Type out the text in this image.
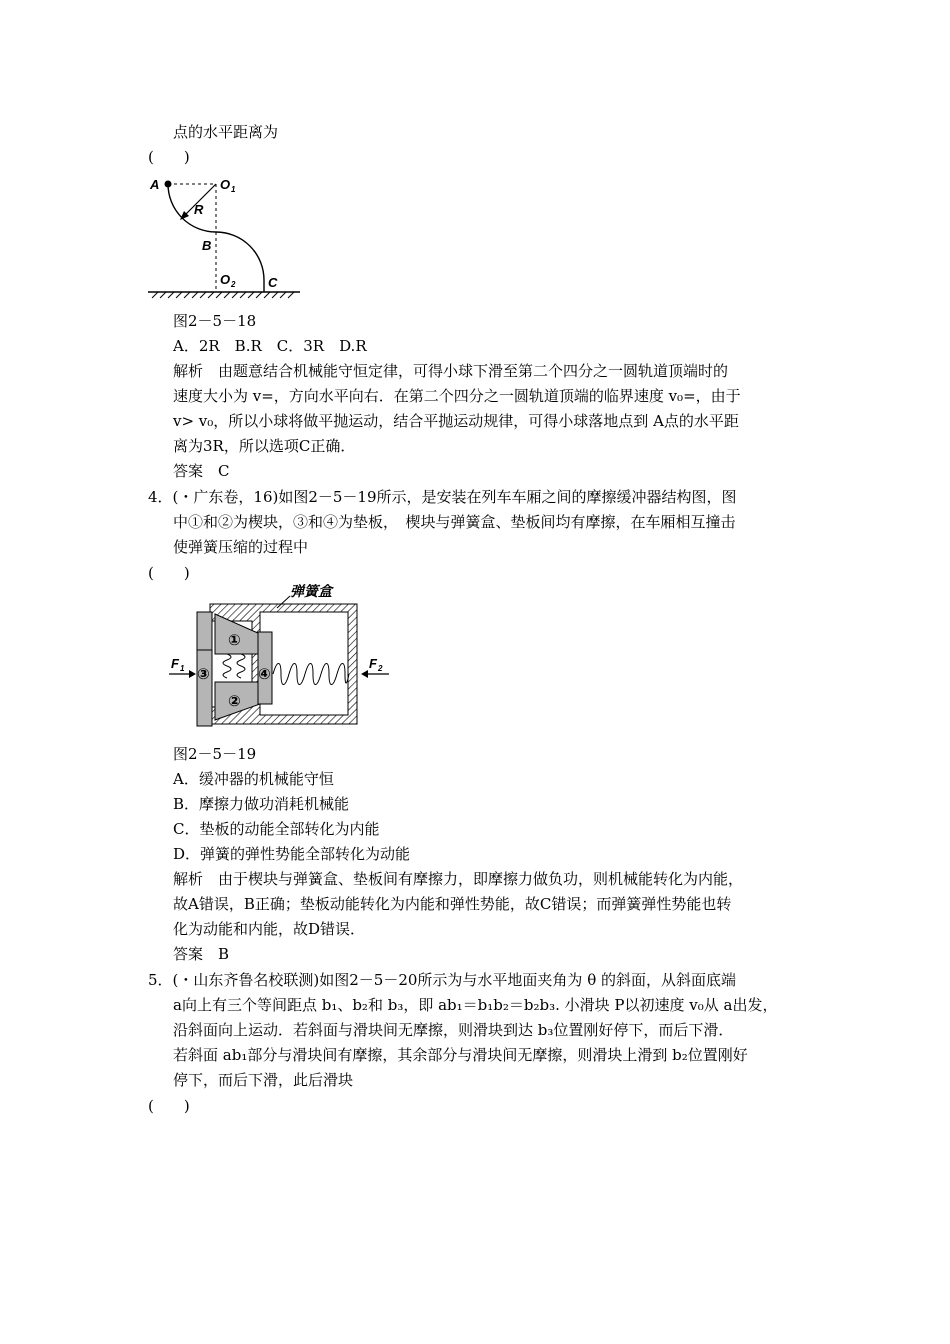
点的水平距离为
(　　)
A	O 1
R
B
O 2	C
图2－5－18
A．2R　B.R　C．3R　D.R
解析　由题意结合机械能守恒定律，可得小球下滑至第二个四分之一圆轨道顶端时的
速度大小为 v=，方向水平向右．在第二个四分之一圆轨道顶端的临界速度 v₀=，由于
v> v₀，所以小球将做平抛运动，结合平抛运动规律，可得小球落地点到 A点的水平距
离为3R，所以选项C正确．
答案　C
4．(・广东卷，16)如图2－5－19所示，是安装在列车车厢之间的摩擦缓冲器结构图，图
中①和②为楔块，③和④为垫板，　楔块与弹簧盒、垫板间均有摩擦，在车厢相互撞击
使弹簧压缩的过程中
(　　)
①
②
③	④
F 1	F 2
弹簧盒
图2－5－19
A．缓冲器的机械能守恒
B．摩擦力做功消耗机械能
C．垫板的动能全部转化为内能
D．弹簧的弹性势能全部转化为动能
解析　由于楔块与弹簧盒、垫板间有摩擦力，即摩擦力做负功，则机械能转化为内能，
故A错误，B正确；垫板动能转化为内能和弹性势能，故C错误；而弹簧弹性势能也转
化为动能和内能，故D错误．
答案　B
5．(・山东齐鲁名校联测)如图2－5－20所示为与水平地面夹角为 θ 的斜面，从斜面底端
a向上有三个等间距点 b₁、b₂和 b₃，即 ab₁＝b₁b₂＝b₂b₃. 小滑块 P以初速度 v₀从 a出发，
沿斜面向上运动．若斜面与滑块间无摩擦，则滑块到达 b₃位置刚好停下，而后下滑．
若斜面 ab₁部分与滑块间有摩擦，其余部分与滑块间无摩擦，则滑块上滑到 b₂位置刚好
停下，而后下滑，此后滑块
(　　)
